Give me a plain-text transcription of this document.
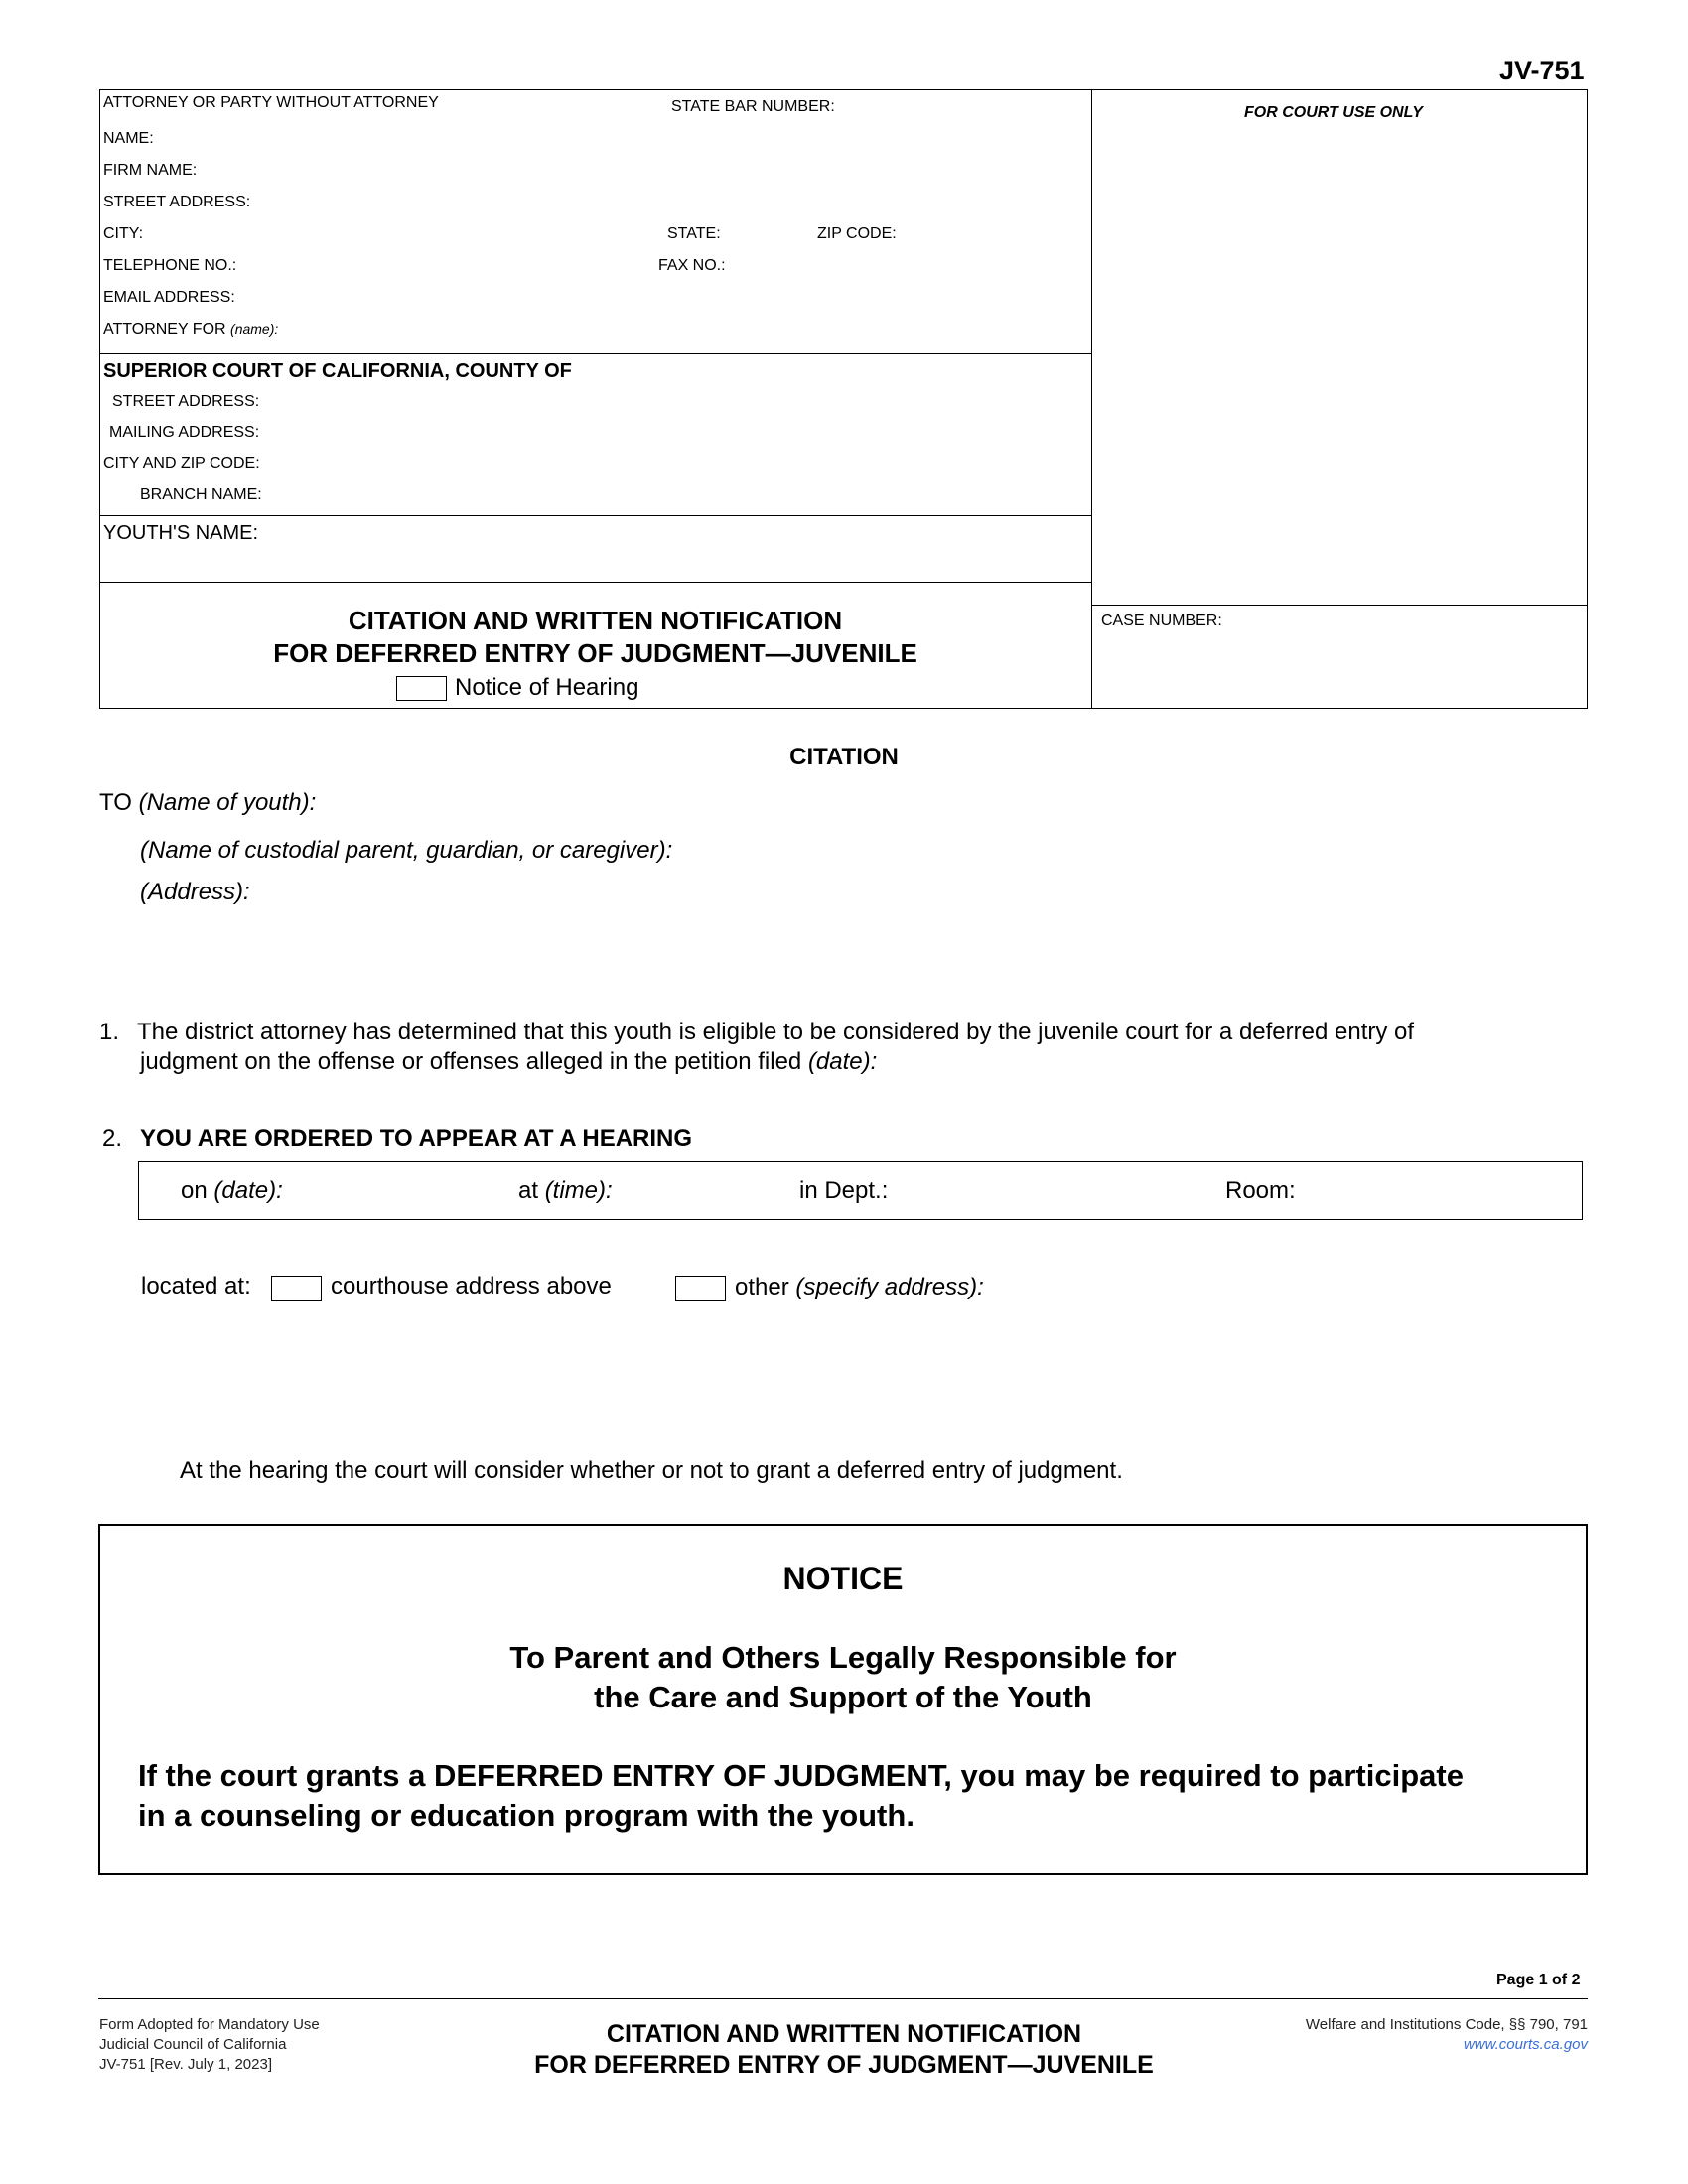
JV-751
ATTORNEY OR PARTY WITHOUT ATTORNEY	STATE BAR NUMBER:
NAME:
FIRM NAME:
STREET ADDRESS:
CITY:	STATE:	ZIP CODE:
TELEPHONE NO.:	FAX NO.:
EMAIL ADDRESS:
ATTORNEY FOR (name):
FOR COURT USE ONLY
SUPERIOR COURT OF CALIFORNIA, COUNTY OF
STREET ADDRESS:
MAILING ADDRESS:
CITY AND ZIP CODE:
BRANCH NAME:
YOUTH'S NAME:
CITATION AND WRITTEN NOTIFICATION
FOR DEFERRED ENTRY OF JUDGMENT—JUVENILE
Notice of Hearing
CASE NUMBER:
CITATION
TO (Name of youth):
(Name of custodial parent, guardian, or caregiver):
(Address):
1. The district attorney has determined that this youth is eligible to be considered by the juvenile court for a deferred entry of
judgment on the offense or offenses alleged in the petition filed (date):
2. YOU ARE ORDERED TO APPEAR AT A HEARING
on (date):	at (time):	in Dept.:	Room:
located at:	courthouse address above	other (specify address):
At the hearing the court will consider whether or not to grant a deferred entry of judgment.
NOTICE
To Parent and Others Legally Responsible for
the Care and Support of the Youth
If the court grants a DEFERRED ENTRY OF JUDGMENT, you may be required to participate
in a counseling or education program with the youth.
Page 1 of 2
Form Adopted for Mandatory Use
Judicial Council of California
JV-751 [Rev. July 1, 2023]
CITATION AND WRITTEN NOTIFICATION
FOR DEFERRED ENTRY OF JUDGMENT—JUVENILE
Welfare and Institutions Code, §§ 790, 791
www.courts.ca.gov
